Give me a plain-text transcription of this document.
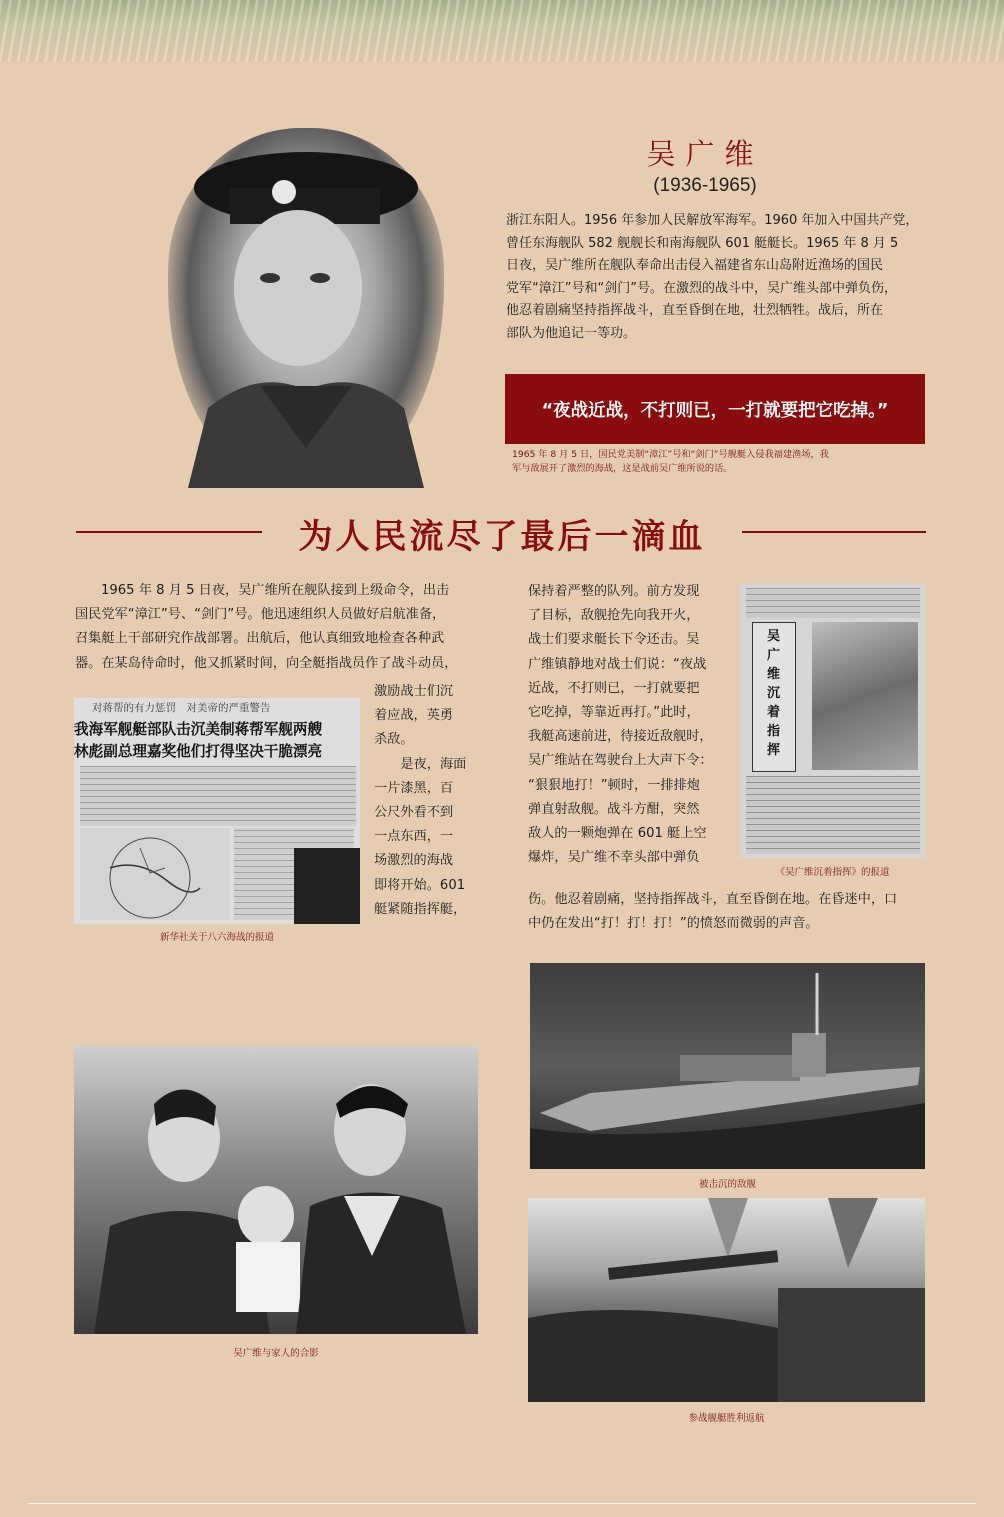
吴广维
(1936-1965)
浙江东阳人。1956 年参加人民解放军海军。1960 年加入中国共产党，
曾任东海舰队 582 舰舰长和南海舰队 601 艇艇长。1965 年 8 月 5
日夜，吴广维所在舰队奉命出击侵入福建省东山岛附近渔场的国民
党军“漳江”号和“剑门”号。在激烈的战斗中，吴广维头部中弹负伤，
他忍着剧痛坚持指挥战斗，直至昏倒在地，壮烈牺牲。战后，所在
部队为他追记一等功。
“夜战近战，不打则已，一打就要把它吃掉。”
1965 年 8 月 5 日，国民党美制“漳江”号和“剑门”号舰艇入侵我福建渔场，我
军与敌展开了激烈的海战，这是战前吴广维所说的话。
为人民流尽了最后一滴血
1965 年 8 月 5 日夜，吴广维所在舰队接到上级命令，出击
国民党军“漳江”号、“剑门”号。他迅速组织人员做好启航准备，
召集艇上干部研究作战部署。出航后，他认真细致地检查各种武
器。在某岛待命时，他又抓紧时间，向全艇指战员作了战斗动员，
激励战士们沉
着应战，英勇
杀敌。
　　是夜，海面
一片漆黑，百
公尺外看不到
一点东西，一
场激烈的海战
即将开始。601
艇紧随指挥艇，
对蒋帮的有力惩罚　对美帝的严重警告
我海军舰艇部队击沉美制蒋帮军舰两艘
林彪副总理嘉奖他们打得坚决干脆漂亮
新华社关于八六海战的报道
保持着严整的队列。前方发现
了目标，敌舰抢先向我开火，
战士们要求艇长下令还击。吴
广维镇静地对战士们说：“夜战
近战，不打则已，一打就要把
它吃掉，等靠近再打。”此时，
我艇高速前进，待接近敌舰时，
吴广维站在驾驶台上大声下令：
“狠狠地打！”顿时，一排排炮
弹直射敌舰。战斗方酣，突然
敌人的一颗炮弹在 601 艇上空
爆炸，吴广维不幸头部中弹负
伤。他忍着剧痛，坚持指挥战斗，直至昏倒在地。在昏迷中，口
中仍在发出“打！打！打！”的愤怒而微弱的声音。
吴
广
维
沉
着
指
挥
《吴广维沉着指挥》的报道
被击沉的敌舰
吴广维与家人的合影
参战舰艇胜利返航
